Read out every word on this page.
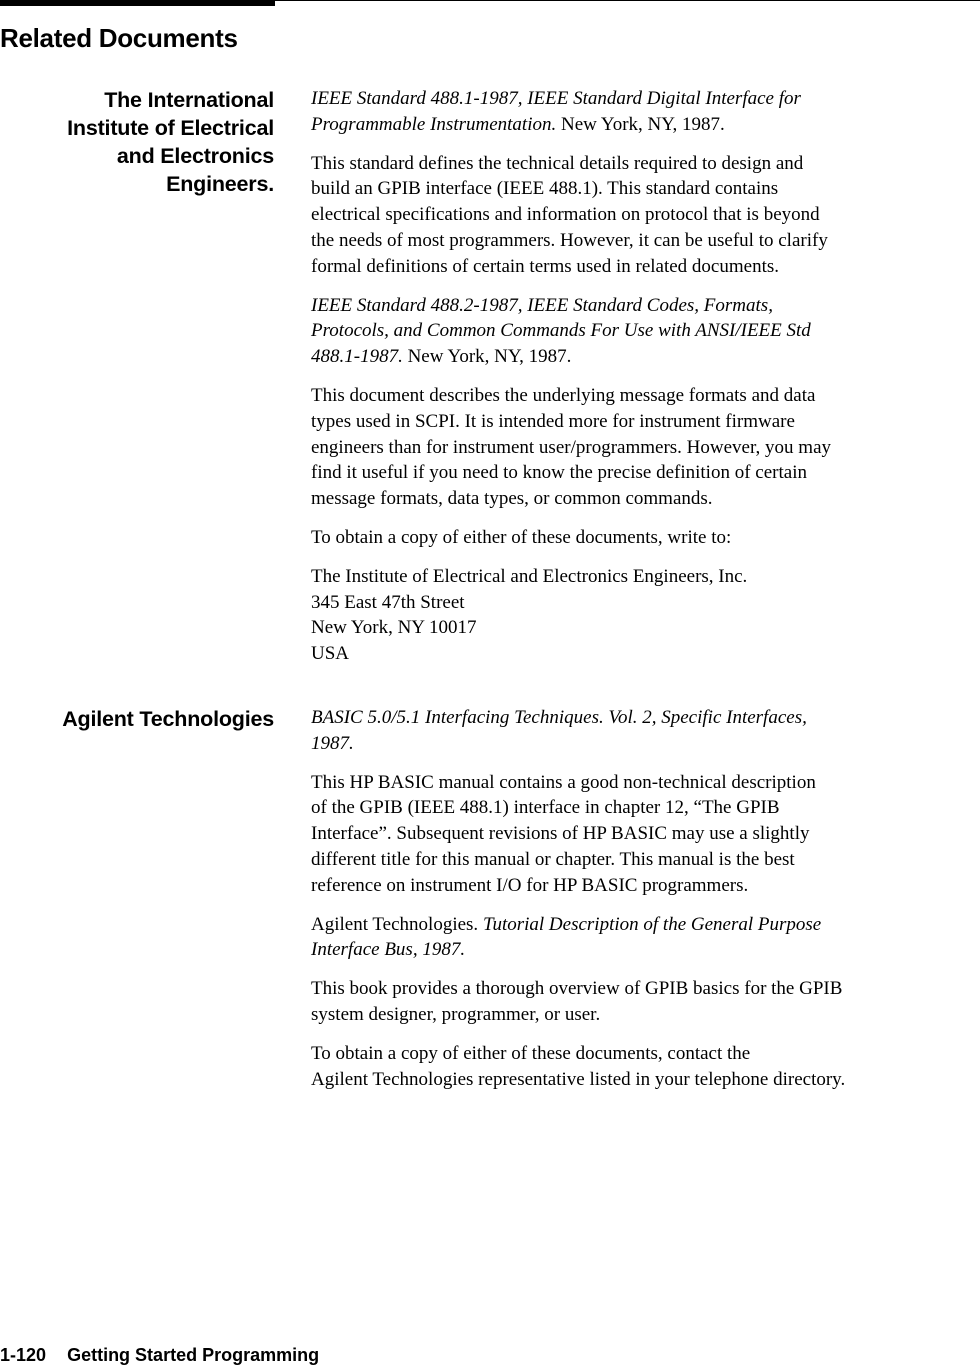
Related Documents
The International
Institute of Electrical
and Electronics
Engineers.

IEEE Standard 488.1-1987, IEEE Standard Digital Interface for
Programmable Instrumentation. New York, NY, 1987.

This standard defines the technical details required to design and
build an GPIB interface (IEEE 488.1). This standard contains
electrical specifications and information on protocol that is beyond
the needs of most programmers. However, it can be useful to clarify
formal definitions of certain terms used in related documents.

IEEE Standard 488.2-1987, IEEE Standard Codes, Formats,
Protocols, and Common Commands For Use with ANSI/IEEE Std
488.1-1987. New York, NY, 1987.

This document describes the underlying message formats and data
types used in SCPI. It is intended more for instrument firmware
engineers than for instrument user/programmers. However, you may
find it useful if you need to know the precise definition of certain
message formats, data types, or common commands.

To obtain a copy of either of these documents, write to:

The Institute of Electrical and Electronics Engineers, Inc.
345 East 47th Street
New York, NY 10017
USA

Agilent Technologies BASIC 5.0/5.1 Interfacing Techniques. Vol. 2, Specific Interfaces,
1987.

This HP BASIC manual contains a good non-technical description
of the GPIB (IEEE 488.1) interface in chapter 12, “The GPIB
Interface”. Subsequent revisions of HP BASIC may use a slightly
different title for this manual or chapter. This manual is the best
reference on instrument I/O for HP BASIC programmers.

Agilent Technologies. Tutorial Description of the General Purpose
Interface Bus, 1987.

This book provides a thorough overview of GPIB basics for the GPIB
system designer, programmer, or user.

To obtain a copy of either of these documents, contact the
Agilent Technologies representative listed in your telephone directory.

1-120 Getting Started Programming
